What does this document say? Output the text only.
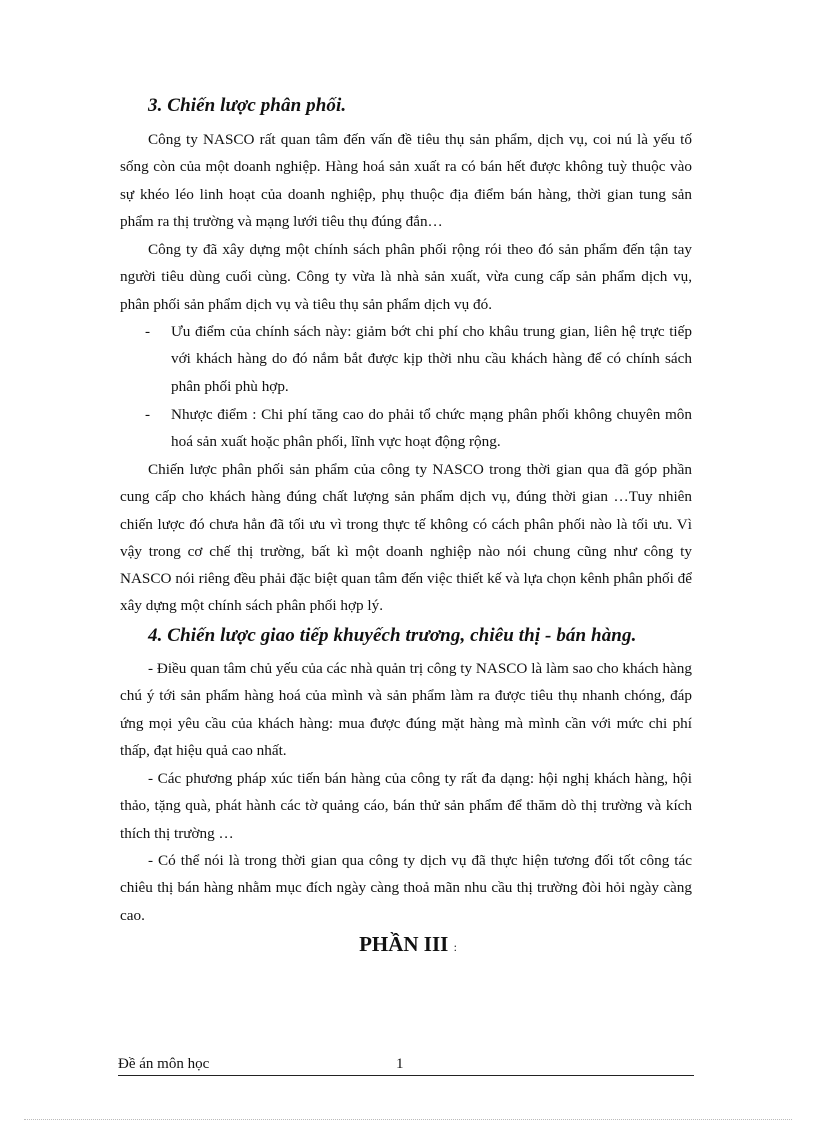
3. Chiến lược phân phối.

Công ty NASCO rất quan tâm đến vấn đề tiêu thụ sản phẩm, dịch vụ, coi nú là yếu tố sống còn của một doanh nghiệp. Hàng hoá sản xuất ra có bán hết được không tuỳ thuộc vào sự khéo léo linh hoạt của doanh nghiệp, phụ thuộc địa điểm bán hàng, thời gian tung sản phẩm ra thị trường và mạng lưới tiêu thụ đúng đắn…

Công ty đã xây dựng một chính sách phân phối rộng rói theo đó sản phẩm đến tận tay người tiêu dùng cuối cùng. Công ty vừa là nhà sản xuất, vừa cung cấp sản phẩm dịch vụ, phân phối sản phẩm dịch vụ và tiêu thụ sản phẩm dịch vụ đó.

- Ưu điểm của chính sách này: giảm bớt chi phí cho khâu trung gian, liên hệ trực tiếp với khách hàng do đó nắm bắt được kịp thời nhu cầu khách hàng để có chính sách phân phối phù hợp.
- Nhược điểm : Chi phí tăng cao do phải tổ chức mạng phân phối không chuyên môn hoá sản xuất hoặc phân phối, lĩnh vực hoạt động rộng.

Chiến lược phân phối sản phẩm của công ty NASCO trong thời gian qua đã góp phần cung cấp cho khách hàng đúng chất lượng sản phẩm dịch vụ, đúng thời gian …Tuy nhiên chiến lược đó chưa hẳn đã tối ưu vì trong thực tế không có cách phân phối nào là tối ưu. Vì vậy trong cơ chế thị trường, bất kì một doanh nghiệp nào nói chung cũng như công ty NASCO nói riêng đều phải đặc biệt quan tâm đến việc thiết kế và lựa chọn kênh phân phối để xây dựng một chính sách phân phối hợp lý.

4. Chiến lược giao tiếp khuyếch trương, chiêu thị - bán hàng.

- Điều quan tâm chủ yếu của các nhà quản trị công ty NASCO là làm sao cho khách hàng chú ý tới sản phẩm hàng hoá của mình và sản phẩm làm ra được tiêu thụ nhanh chóng, đáp ứng mọi yêu cầu của khách hàng: mua được đúng mặt hàng mà mình cần với mức chi phí thấp, đạt hiệu quả cao nhất.

- Các phương pháp xúc tiến bán hàng của công ty rất đa dạng: hội nghị khách hàng, hội thảo, tặng quà, phát hành các tờ quảng cáo, bán thử sản phẩm để thăm dò thị trường và kích thích thị trường …

- Có thể nói là trong thời gian qua công ty dịch vụ đã thực hiện tương đối tốt công tác chiêu thị bán hàng nhằm mục đích ngày càng thoả mãn nhu cầu thị trường đòi hỏi ngày càng cao.

PHẦN III :
Đề án môn học	1
